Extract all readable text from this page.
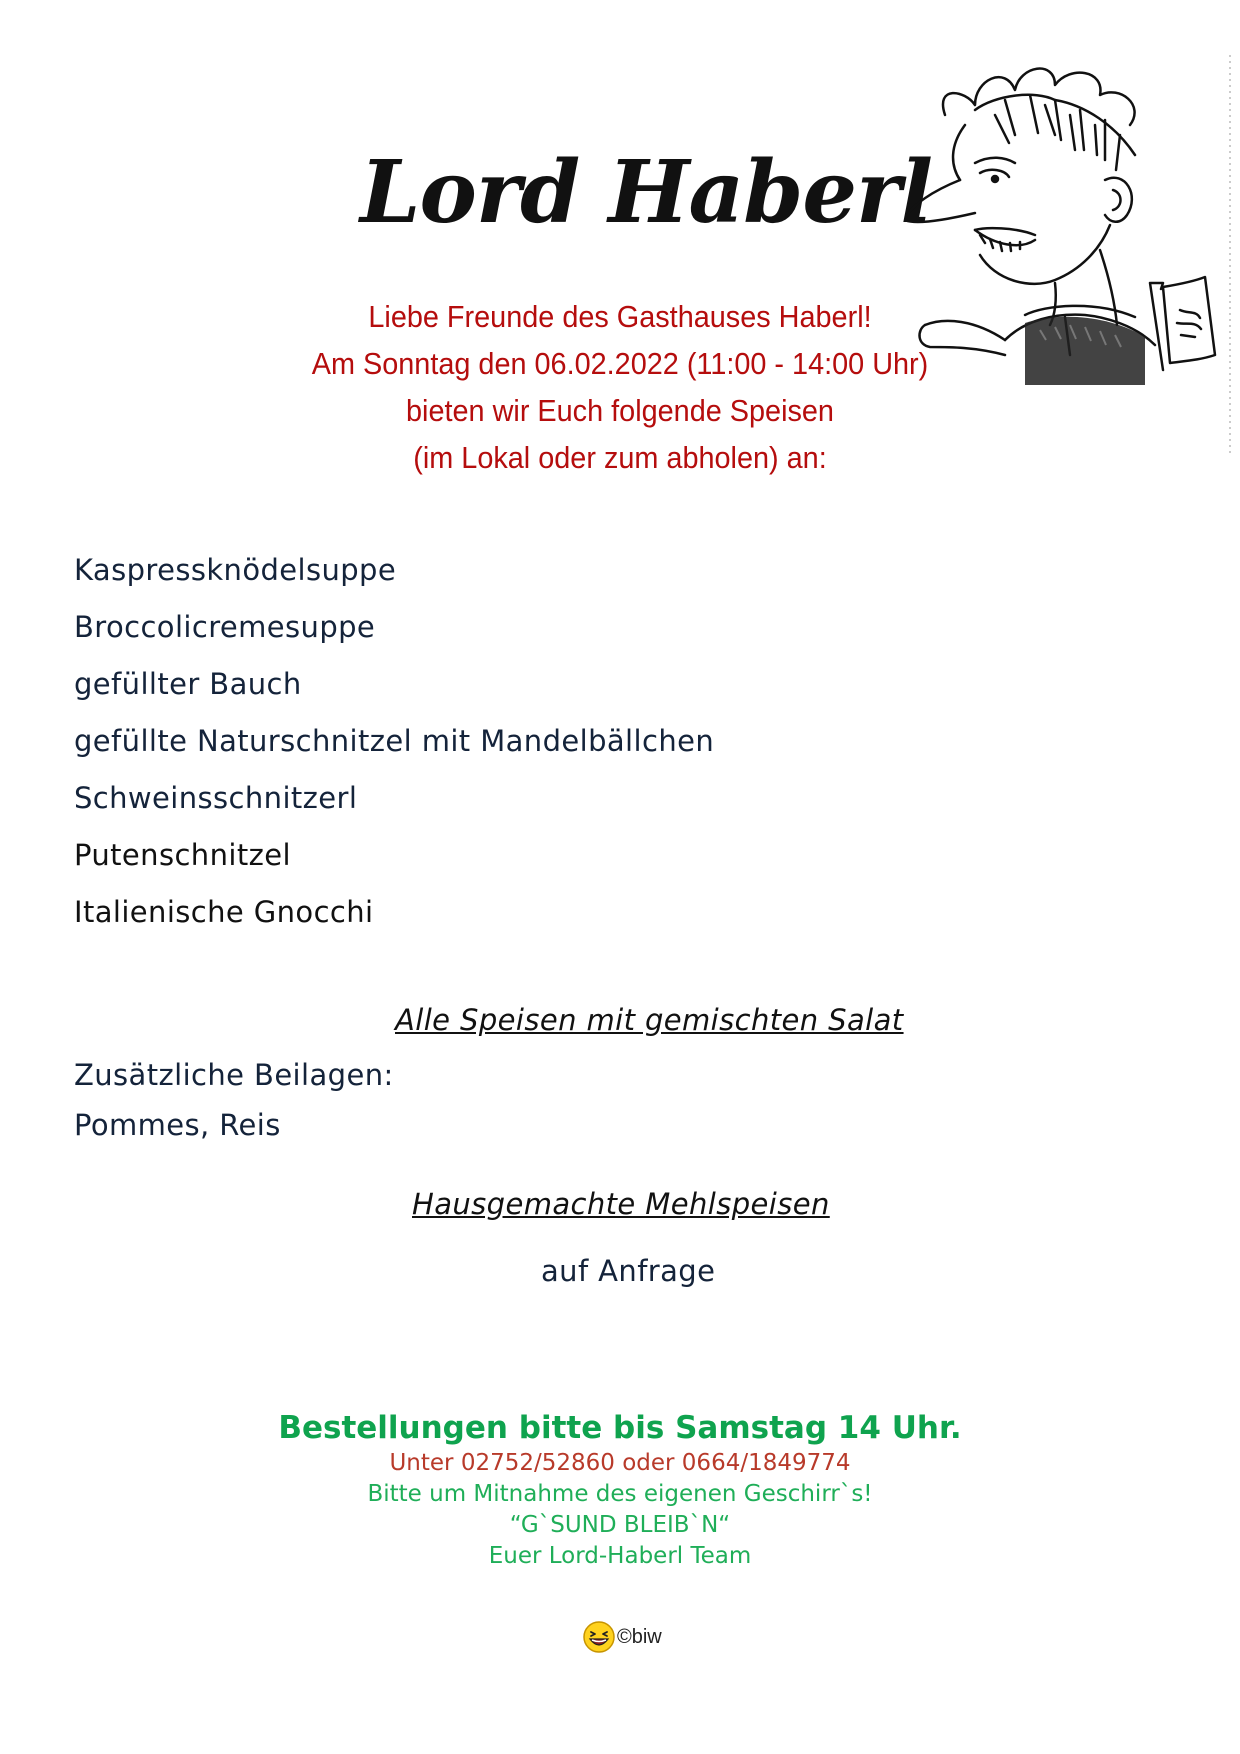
Lord Haberl
Liebe Freunde des Gasthauses Haberl!
Am Sonntag den 06.02.2022 (11:00 - 14:00 Uhr)
bieten wir Euch folgende Speisen
(im Lokal oder zum abholen) an:
Kaspressknödelsuppe
Broccolicremesuppe
gefüllter Bauch
gefüllte Naturschnitzel mit Mandelbällchen
Schweinsschnitzerl
Putenschnitzel
Italienische Gnocchi
Alle Speisen mit gemischten Salat
Zusätzliche Beilagen:
Pommes, Reis
Hausgemachte Mehlspeisen
auf Anfrage
Bestellungen bitte bis Samstag 14 Uhr.
Unter 02752/52860 oder 0664/1849774
Bitte um Mitnahme des eigenen Geschirr`s!
“G`SUND BLEIB`N“
Euer Lord-Haberl Team
©biw
